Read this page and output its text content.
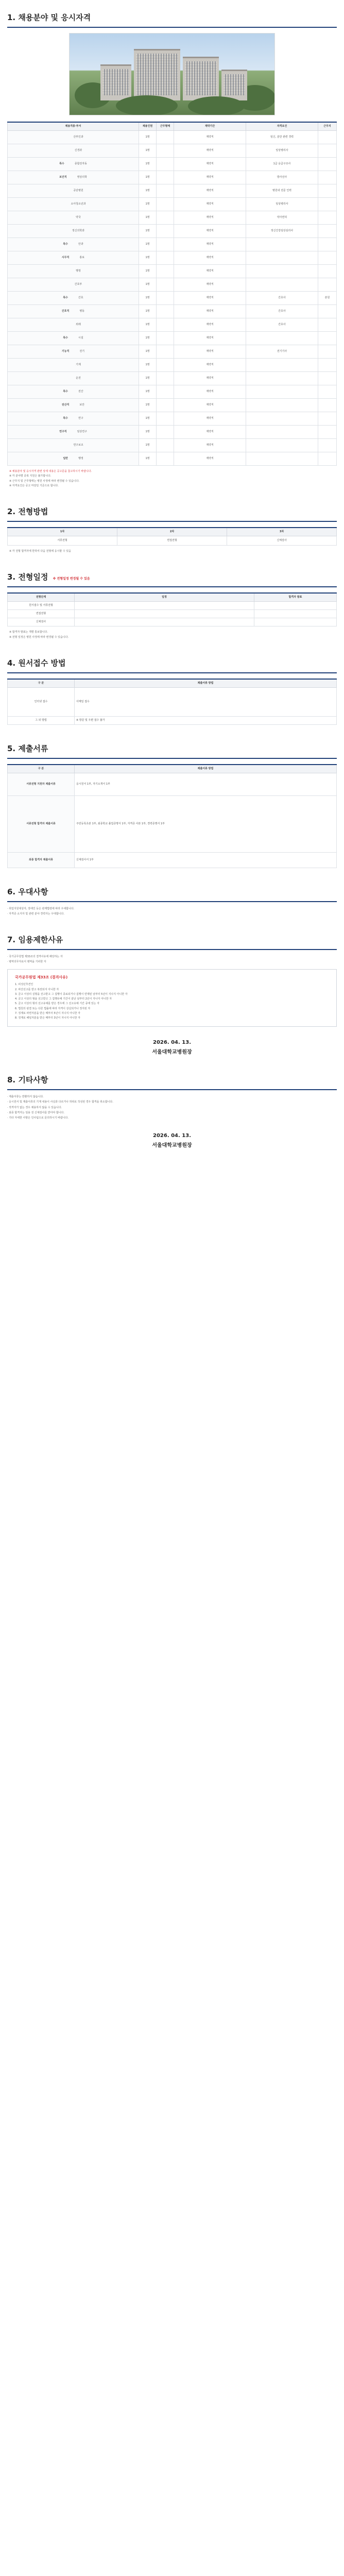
1. 채용분야 및 응시자격
채용직종·부서	채용인원	근무형태	계약기간	자격요건	근무지
산부인과	1명		계약직	임신, 분만 관련 경력	
신경과	1명		계약직	임상병리사	
특수 종합전자동	1명		계약직	1급 응급구조사	
보건직 영상의학	1명		계약직	방사선사	
공단병원	1명		계약직	병원내 전문 인력	
소아청소년과	1명		계약직	임상병리사	
약국	1명		계약직	약사면허	
정신의학과	1명		계약직	정신건강임상심리사	
특수 안과	1명		계약직		
사무직 홍보	1명		계약직		
행정	1명		계약직		
간호부	1명		계약직		
특수 간호	1명		계약직	간호사	본원
간호직 병동	1명		계약직	간호사	
외래	1명		계약직	간호사	
특수 시설	1명		계약직		
기능직 전기	1명		계약직	전기기사	
기계	1명		계약직		
운전	1명		계약직		
특수 전산	1명		계약직		
전산직 보안	1명		계약직		
특수 연구	1명		계약직		
연구직 임상연구	1명		계약직		
연구보조	1명		계약직		
일반 행정	1명		계약직		

※ 채용분야 및 응시자격 관련 상세 내용은 공고문을 참고하시기 바랍니다.

※ 각 분야별 중복 지원은 불가합니다.

※ 근무지 및 근무형태는 병원 사정에 따라 변경될 수 있습니다.

※ 자격요건은 공고 마감일 기준으로 합니다.

2. 전형방법
1차	2차	3차
서류전형	면접전형	신체검사

※ 각 전형 합격자에 한하여 다음 전형에 응시할 수 있음

3. 전형일정 ※ 전형일정 변경될 수 있음
전형단계	일정	합격자 발표
원서접수 및 서류전형		
면접전형		
신체검사		

※ 합격자 발표는 개별 통보합니다.

※ 전형 일정은 병원 사정에 따라 변경될 수 있습니다.

4. 원서접수 방법
구 분	제출서류 방법
인터넷 접수	이메일 접수
그 외 방법	※ 방문 및 우편 접수 불가
5. 제출서류
구 분	제출서류 방법
서류전형 지원자 제출서류	응시원서 1부, 자기소개서 1부
서류전형 합격자 제출서류	주민등록초본 1부, 최종학교 졸업증명서 1부, 자격증 사본 1부, 경력증명서 1부
최종 합격자 제출서류	신체검사서 1부
6. 우대사항

· 취업지원대상자, 장애인 등은 관계법령에 따라 우대합니다.

· 자격증 소지자 및 관련 분야 경력자는 우대합니다.

7. 임용제한사유

· 국가공무원법 제33조의 결격사유에 해당하는 자

· 병역의무자로서 병역을 기피한 자

국가공무원법 제33조 (결격사유)

1. 피성년후견인

2. 파산선고를 받고 복권되지 아니한 자

3. 금고 이상의 실형을 선고받고 그 집행이 종료되거나 집행이 면제된 날부터 5년이 지나지 아니한 자

4. 금고 이상의 형을 선고받고 그 집행유예 기간이 끝난 날부터 2년이 지나지 아니한 자

5. 금고 이상의 형의 선고유예를 받은 경우에 그 선고유예 기간 중에 있는 자

6. 법원의 판결 또는 다른 법률에 따라 자격이 상실되거나 정지된 자

7. 징계로 파면처분을 받은 때부터 5년이 지나지 아니한 자

8. 징계로 해임처분을 받은 때부터 3년이 지나지 아니한 자

2026. 04. 13.
서울대학교병원장
8. 기타사항

· 제출서류는 반환하지 않습니다.

· 응시원서 및 제출서류의 기재 내용이 사실과 다르거나 허위로 작성된 경우 합격을 취소합니다.

· 적격자가 없는 경우 채용하지 않을 수 있습니다.

· 최종 합격자는 임용 전 신체검사를 받아야 합니다.

· 기타 자세한 사항은 인사팀으로 문의하시기 바랍니다.

2026. 04. 13.
서울대학교병원장
